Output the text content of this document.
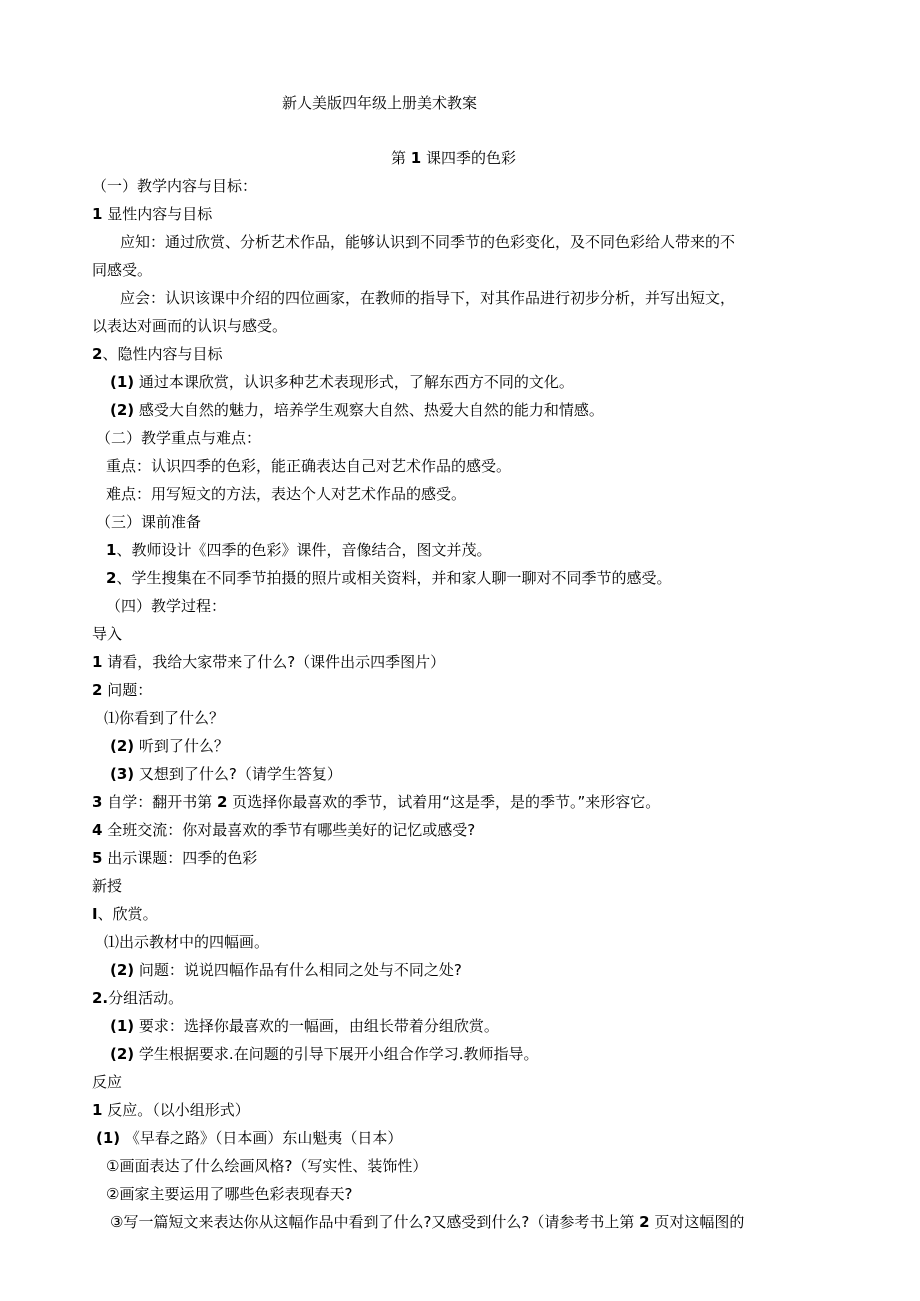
新人美版四年级上册美术教案
第 1 课四季的色彩
（一）教学内容与目标：
1 显性内容与目标
应知：通过欣赏、分析艺术作品，能够认识到不同季节的色彩变化，及不同色彩给人带来的不
同感受。
应会：认识该课中介绍的四位画家，在教师的指导下，对其作品进行初步分析，并写出短文，
以表达对画而的认识与感受。
2、隐性内容与目标
(1) 通过本课欣赏，认识多种艺术表现形式，了解东西方不同的文化。
(2) 感受大自然的魅力，培养学生观察大自然、热爱大自然的能力和情感。
（二）教学重点与难点：
重点：认识四季的色彩，能正确表达自己对艺术作品的感受。
难点：用写短文的方法，表达个人对艺术作品的感受。
（三）课前准备
1、教师设计《四季的色彩》课件，音像结合，图文并茂。
2、学生搜集在不同季节拍摄的照片或相关资料，并和家人聊一聊对不同季节的感受。
（四）教学过程：
导入
1 请看，我给大家带来了什么?（课件出示四季图片）
2 问题：
⑴你看到了什么？
(2) 听到了什么？
(3) 又想到了什么?（请学生答复）
3 自学：翻开书第 2 页选择你最喜欢的季节，试着用“这是季，是的季节。”来形容它。
4 全班交流：你对最喜欢的季节有哪些美好的记忆或感受?
5 出示课题：四季的色彩
新授
I、欣赏。
⑴出示教材中的四幅画。
(2) 问题：说说四幅作品有什么相同之处与不同之处?
2.分组活动。
(1) 要求：选择你最喜欢的一幅画，由组长带着分组欣赏。
(2) 学生根据要求.在问题的引导下展开小组合作学习.教师指导。
反应
1 反应。（以小组形式）
(1) 《早春之路》（日本画）东山魁夷（日本）
①画面表达了什么绘画风格?（写实性、装饰性）
②画家主要运用了哪些色彩表现春天?
③写一篇短文来表达你从这幅作品中看到了什么?又感受到什么?（请参考书上第 2 页对这幅图的
